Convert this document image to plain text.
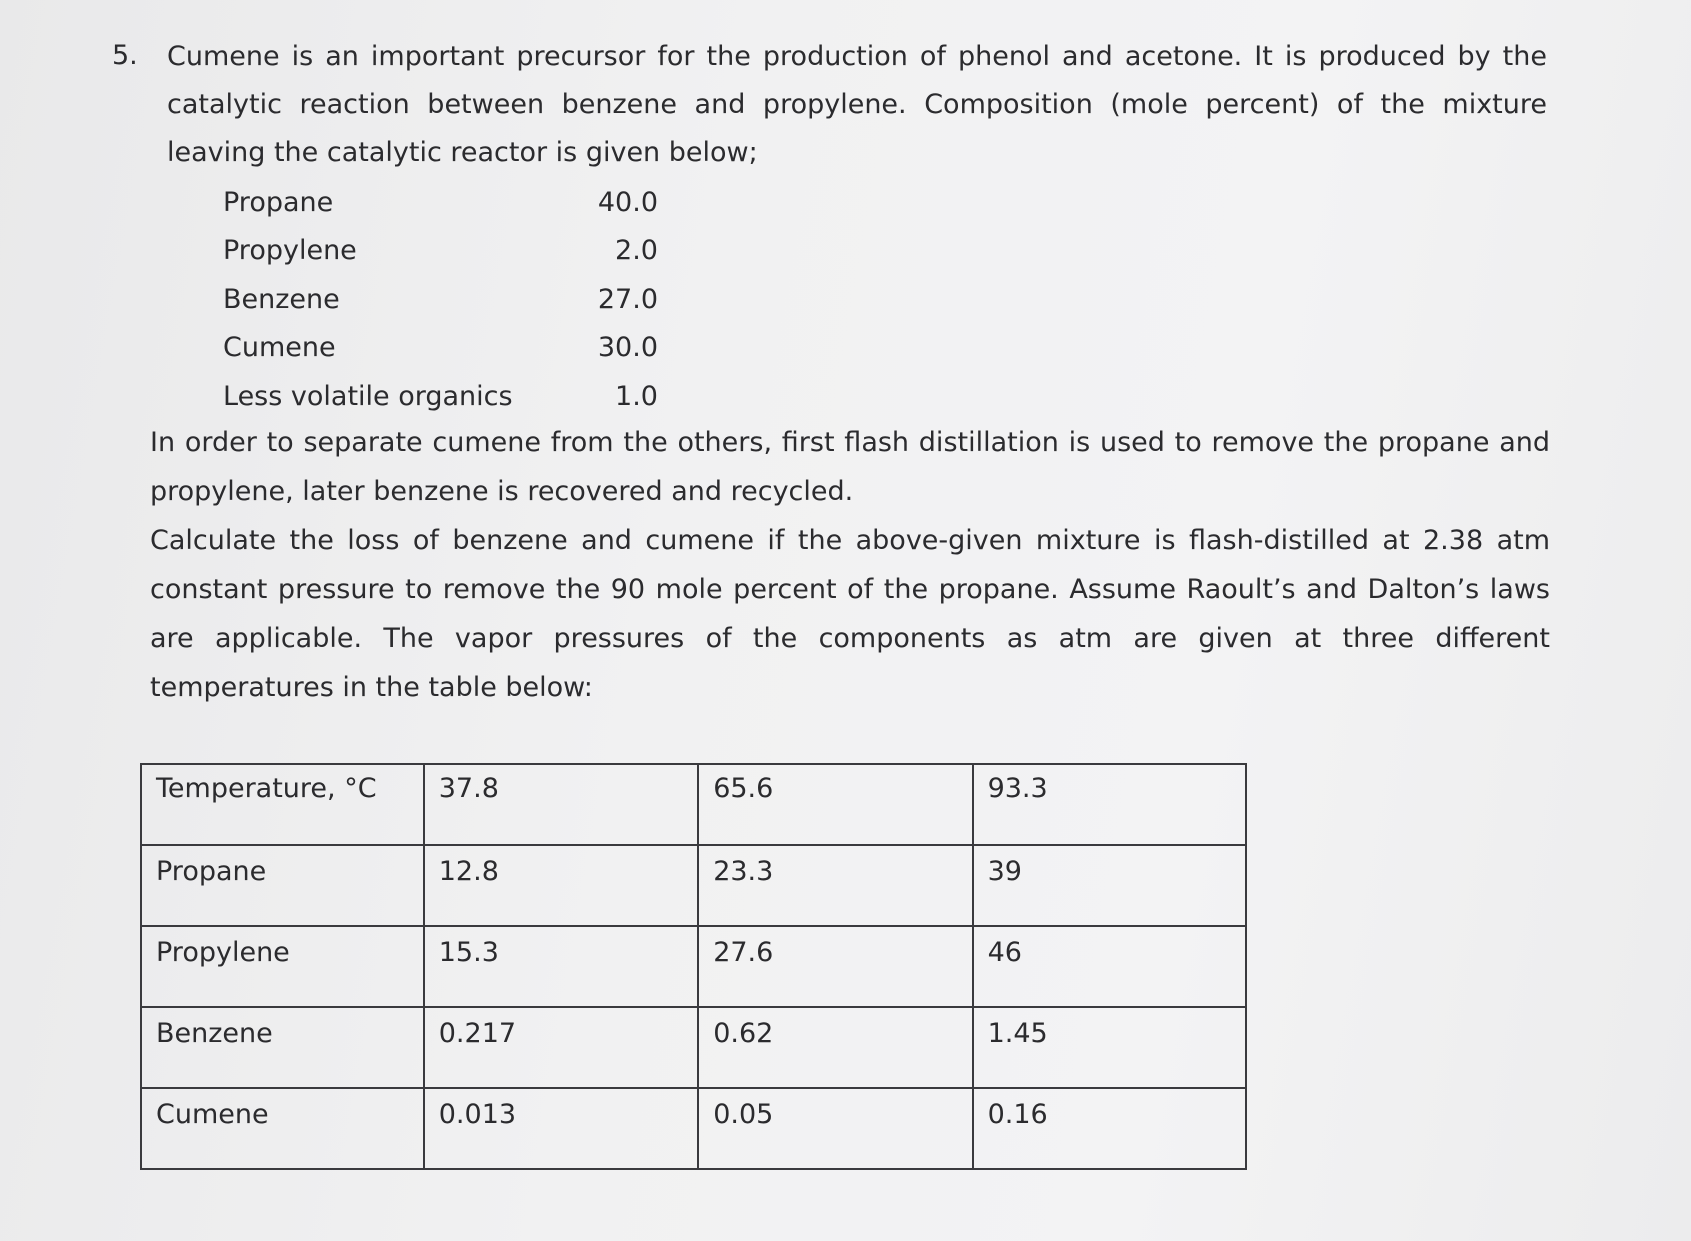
5. Cumene is an important precursor for the production of phenol and acetone. It is produced by the catalytic reaction between benzene and propylene. Composition (mole percent) of the mixture leaving the catalytic reactor is given below;
Propane	40.0
Propylene	2.0
Benzene	27.0
Cumene	30.0
Less volatile organics	1.0
In order to separate cumene from the others, first flash distillation is used to remove the propane and propylene, later benzene is recovered and recycled.
Calculate the loss of benzene and cumene if the above-given mixture is flash-distilled at 2.38 atm constant pressure to remove the 90 mole percent of the propane. Assume Raoult’s and Dalton’s laws are applicable. The vapor pressures of the components as atm are given at three different temperatures in the table below:
Temperature, °C	37.8	65.6	93.3
Propane	12.8	23.3	39
Propylene	15.3	27.6	46
Benzene	0.217	0.62	1.45
Cumene	0.013	0.05	0.16
